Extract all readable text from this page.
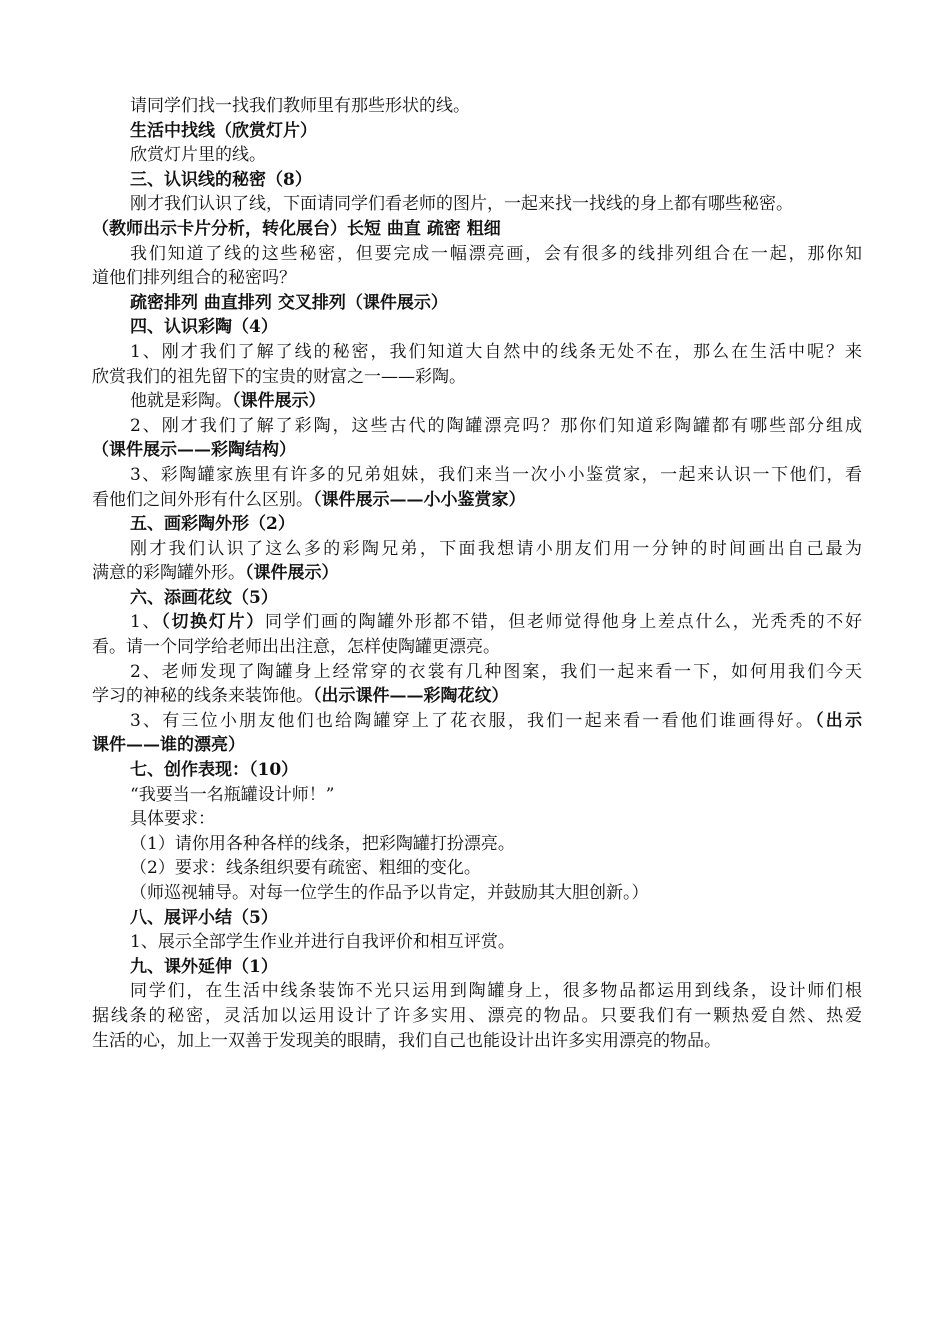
请同学们找一找我们教师里有那些形状的线。
生活中找线（欣赏灯片）
欣赏灯片里的线。
三、认识线的秘密（8）
刚才我们认识了线，下面请同学们看老师的图片，一起来找一找线的身上都有哪些秘密。
（教师出示卡片分析，转化展台）长短 曲直 疏密 粗细
我们知道了线的这些秘密，但要完成一幅漂亮画，会有很多的线排列组合在一起，那你知
道他们排列组合的秘密吗？
疏密排列 曲直排列 交叉排列（课件展示）
四、认识彩陶（4）
1、刚才我们了解了线的秘密，我们知道大自然中的线条无处不在，那么在生活中呢？来
欣赏我们的祖先留下的宝贵的财富之一——彩陶。
他就是彩陶。（课件展示）
2、刚才我们了解了彩陶，这些古代的陶罐漂亮吗？那你们知道彩陶罐都有哪些部分组成
（课件展示——彩陶结构）
3、彩陶罐家族里有许多的兄弟姐妹，我们来当一次小小鉴赏家，一起来认识一下他们，看
看他们之间外形有什么区别。（课件展示——小小鉴赏家）
五、画彩陶外形（2）
刚才我们认识了这么多的彩陶兄弟，下面我想请小朋友们用一分钟的时间画出自己最为
满意的彩陶罐外形。（课件展示）
六、添画花纹（5）
1、（切换灯片）同学们画的陶罐外形都不错，但老师觉得他身上差点什么，光秃秃的不好
看。请一个同学给老师出出注意，怎样使陶罐更漂亮。
2、老师发现了陶罐身上经常穿的衣裳有几种图案，我们一起来看一下，如何用我们今天
学习的神秘的线条来装饰他。（出示课件——彩陶花纹）
3、有三位小朋友他们也给陶罐穿上了花衣服，我们一起来看一看他们谁画得好。（出示
课件——谁的漂亮）
七、创作表现：（10）
“我要当一名瓶罐设计师！”
具体要求：
（1）请你用各种各样的线条，把彩陶罐打扮漂亮。
（2）要求：线条组织要有疏密、粗细的变化。
（师巡视辅导。对每一位学生的作品予以肯定，并鼓励其大胆创新。）
八、展评小结（5）
1、展示全部学生作业并进行自我评价和相互评赏。
九、课外延伸（1）
同学们，在生活中线条装饰不光只运用到陶罐身上，很多物品都运用到线条，设计师们根
据线条的秘密，灵活加以运用设计了许多实用、漂亮的物品。只要我们有一颗热爱自然、热爱
生活的心，加上一双善于发现美的眼睛，我们自己也能设计出许多实用漂亮的物品。
